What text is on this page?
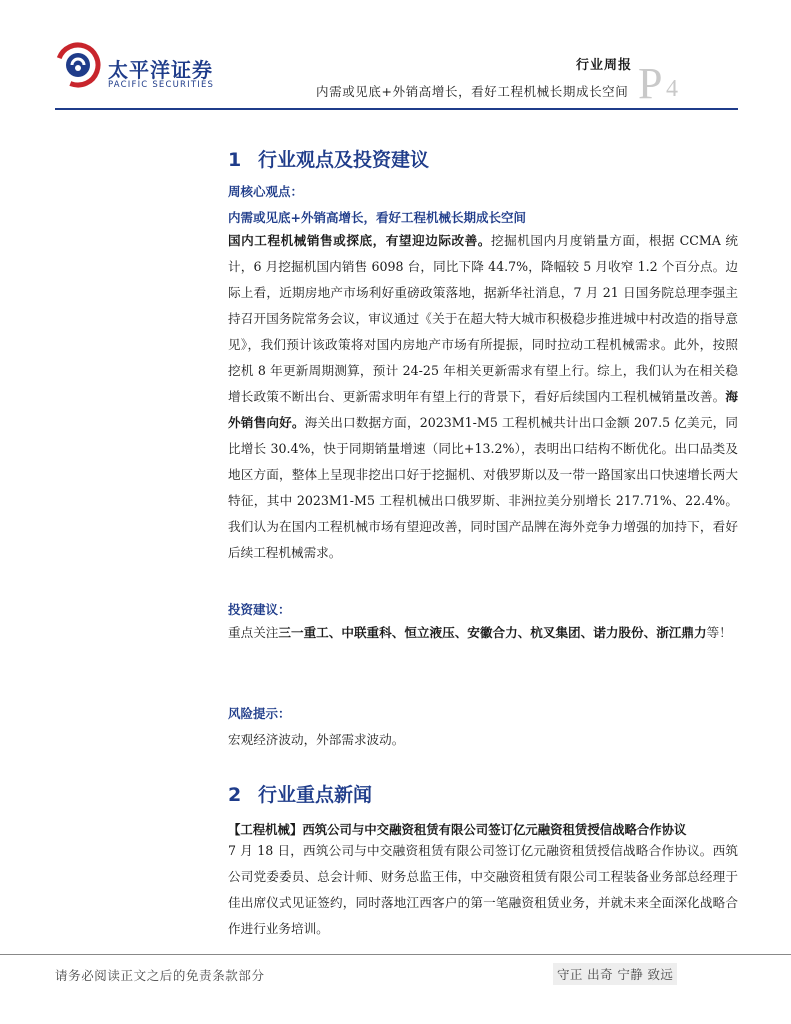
太平洋证券
PACIFIC SECURITIES
行业周报
内需或见底+外销高增长，看好工程机械长期成长空间 P 4
1 行业观点及投资建议
周核心观点：
内需或见底+外销高增长，看好工程机械长期成长空间
国内工程机械销售或探底，有望迎边际改善。挖掘机国内月度销量方面，根据 CCMA 统计，6 月挖掘机国内销售 6098 台，同比下降 44.7%，降幅较 5 月收窄 1.2 个百分点。边际上看，近期房地产市场利好重磅政策落地，据新华社消息，7 月 21 日国务院总理李强主持召开国务院常务会议，审议通过《关于在超大特大城市积极稳步推进城中村改造的指导意见》，我们预计该政策将对国内房地产市场有所提振，同时拉动工程机械需求。此外，按照挖机 8 年更新周期测算，预计 24-25 年相关更新需求有望上行。综上，我们认为在相关稳增长政策不断出台、更新需求明年有望上行的背景下，看好后续国内工程机械销量改善。海外销售向好。海关出口数据方面，2023M1-M5 工程机械共计出口金额 207.5 亿美元，同比增长 30.4%，快于同期销量增速（同比+13.2%），表明出口结构不断优化。出口品类及地区方面，整体上呈现非挖出口好于挖掘机、对俄罗斯以及一带一路国家出口快速增长两大特征，其中 2023M1-M5 工程机械出口俄罗斯、非洲拉美分别增长 217.71%、22.4%。我们认为在国内工程机械市场有望迎改善，同时国产品牌在海外竞争力增强的加持下，看好后续工程机械需求。
投资建议：
重点关注三一重工、中联重科、恒立液压、安徽合力、杭叉集团、诺力股份、浙江鼎力等！
风险提示：
宏观经济波动，外部需求波动。
2 行业重点新闻
【工程机械】西筑公司与中交融资租赁有限公司签订亿元融资租赁授信战略合作协议
7 月 18 日，西筑公司与中交融资租赁有限公司签订亿元融资租赁授信战略合作协议。西筑公司党委委员、总会计师、财务总监王伟，中交融资租赁有限公司工程装备业务部总经理于佳出席仪式见证签约，同时落地江西客户的第一笔融资租赁业务，并就未来全面深化战略合作进行业务培训。
请务必阅读正文之后的免责条款部分	守正 出奇 宁静 致远
